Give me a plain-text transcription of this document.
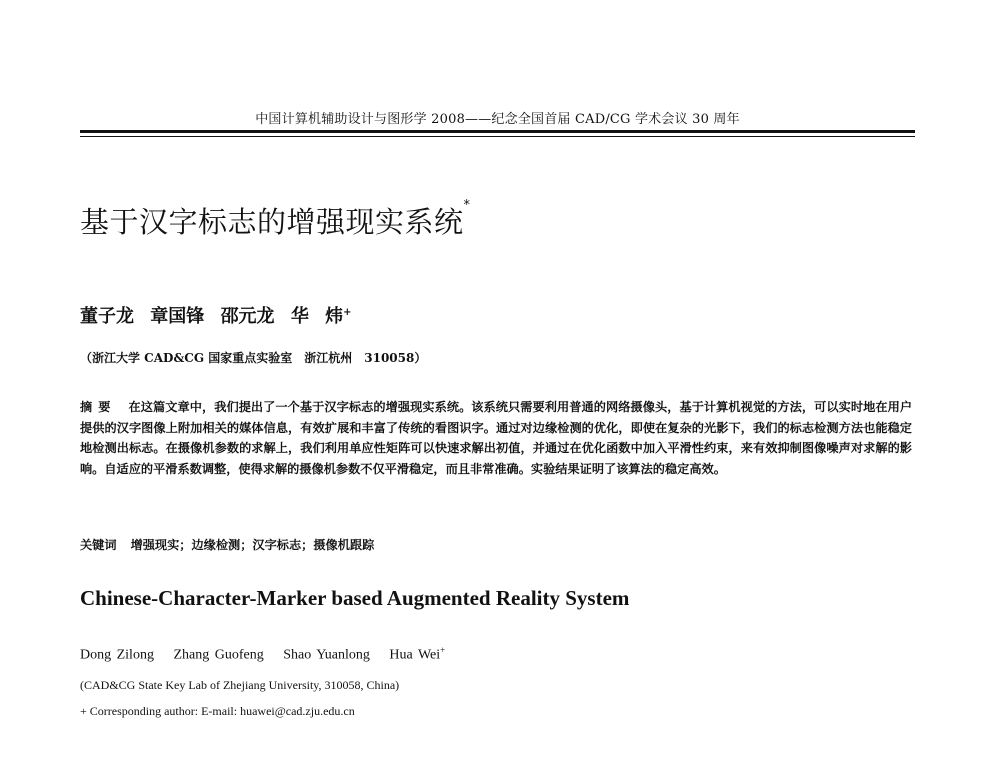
中国计算机辅助设计与图形学 2008——纪念全国首届 CAD/CG 学术会议 30 周年
基于汉字标志的增强现实系统*
董子龙 章国锋 邵元龙 华 炜+
（浙江大学 CAD&CG 国家重点实验室　浙江杭州　310058）
摘要 在这篇文章中，我们提出了一个基于汉字标志的增强现实系统。该系统只需要利用普通的网络摄像头，基于计算机视觉的方法，可以实时地在用户提供的汉字图像上附加相关的媒体信息，有效扩展和丰富了传统的看图识字。通过对边缘检测的优化，即使在复杂的光影下，我们的标志检测方法也能稳定地检测出标志。在摄像机参数的求解上，我们利用单应性矩阵可以快速求解出初值，并通过在优化函数中加入平滑性约束，来有效抑制图像噪声对求解的影响。自适应的平滑系数调整，使得求解的摄像机参数不仅平滑稳定，而且非常准确。实验结果证明了该算法的稳定高效。
关键词 增强现实；边缘检测；汉字标志；摄像机跟踪
Chinese-Character-Marker based Augmented Reality System
Dong Zilong Zhang Guofeng Shao Yuanlong Hua Wei+
(CAD&CG State Key Lab of Zhejiang University, 310058, China)
+ Corresponding author: E-mail: huawei@cad.zju.edu.cn
